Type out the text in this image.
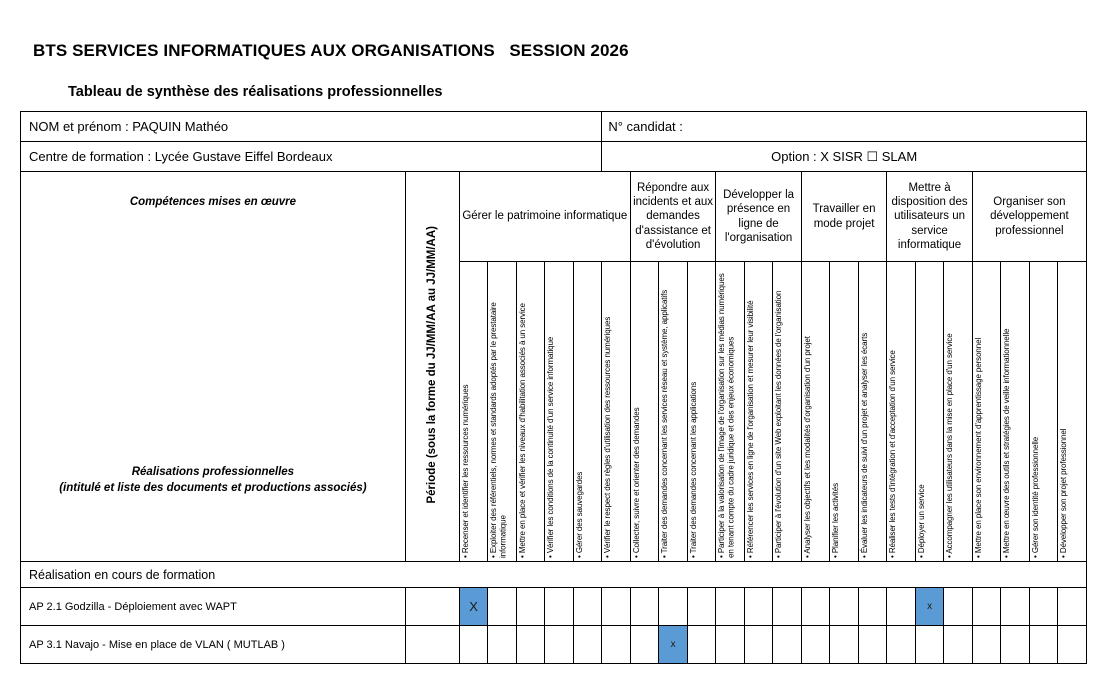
BTS SERVICES INFORMATIQUES AUX ORGANISATIONS   SESSION 2026
Tableau de synthèse des réalisations professionnelles
NOM et prénom : PAQUIN Mathéo							N° candidat :																
Centre de formation : Lycée Gustave Eiffel Bordeaux							Option : X SISR ☐ SLAM																

Compétences mises en œuvre
Réalisations professionnelles
(intitulé et liste des documents et productions associés)	Période (sous la forme du JJ/MM/AA au JJ/MM/AA)	Gérer le patrimoine informatique						Répondre aux incidents et aux demandes d'assistance et d'évolution			Développer la présence en ligne de l'organisation			Travailler en mode projet			Mettre à disposition des utilisateurs un service informatique			Organiser son développement professionnel			

		• Recenser et identifier les ressources numériques	• Exploiter des référentiels, normes et standards adoptés par le prestataire informatique	• Mettre en place et vérifier les niveaux d'habilitation associés à un service	• Vérifier les conditions de la continuité d'un service informatique	• Gérer des sauvegardes	• Vérifier le respect des règles d'utilisation des ressources numériques	• Collecter, suivre et orienter des demandes	• Traiter des demandes concernant les services réseau et système, applicatifs	• Traiter des demandes concernant les applications	• Participer à la valorisation de l'image de l'organisation sur les médias numériques en tenant compte du cadre juridique et des enjeux économiques	• Référencer les services en ligne de l'organisation et mesurer leur visibilité	• Participer à l'évolution d'un site Web exploitant les données de l'organisation	• Analyser les objectifs et les modalités d'organisation d'un projet	• Planifier les activités	• Évaluer les indicateurs de suivi d'un projet et analyser les écarts	• Réaliser les tests d'intégration et d'acceptation d'un service	• Déployer un service	• Accompagner les utilisateurs dans la mise en place d'un service	• Mettre en place son environnement d'apprentissage personnel	• Mettre en œuvre des outils et stratégies de veille informationnelle	• Gérer son identité professionnelle	• Développer son projet professionnel

Réalisation en cours de formation																							
AP 2.1 Godzilla - Déploiement avec WAPT		X																x					
AP 3.1 Navajo - Mise en place de VLAN ( MUTLAB )									x														
